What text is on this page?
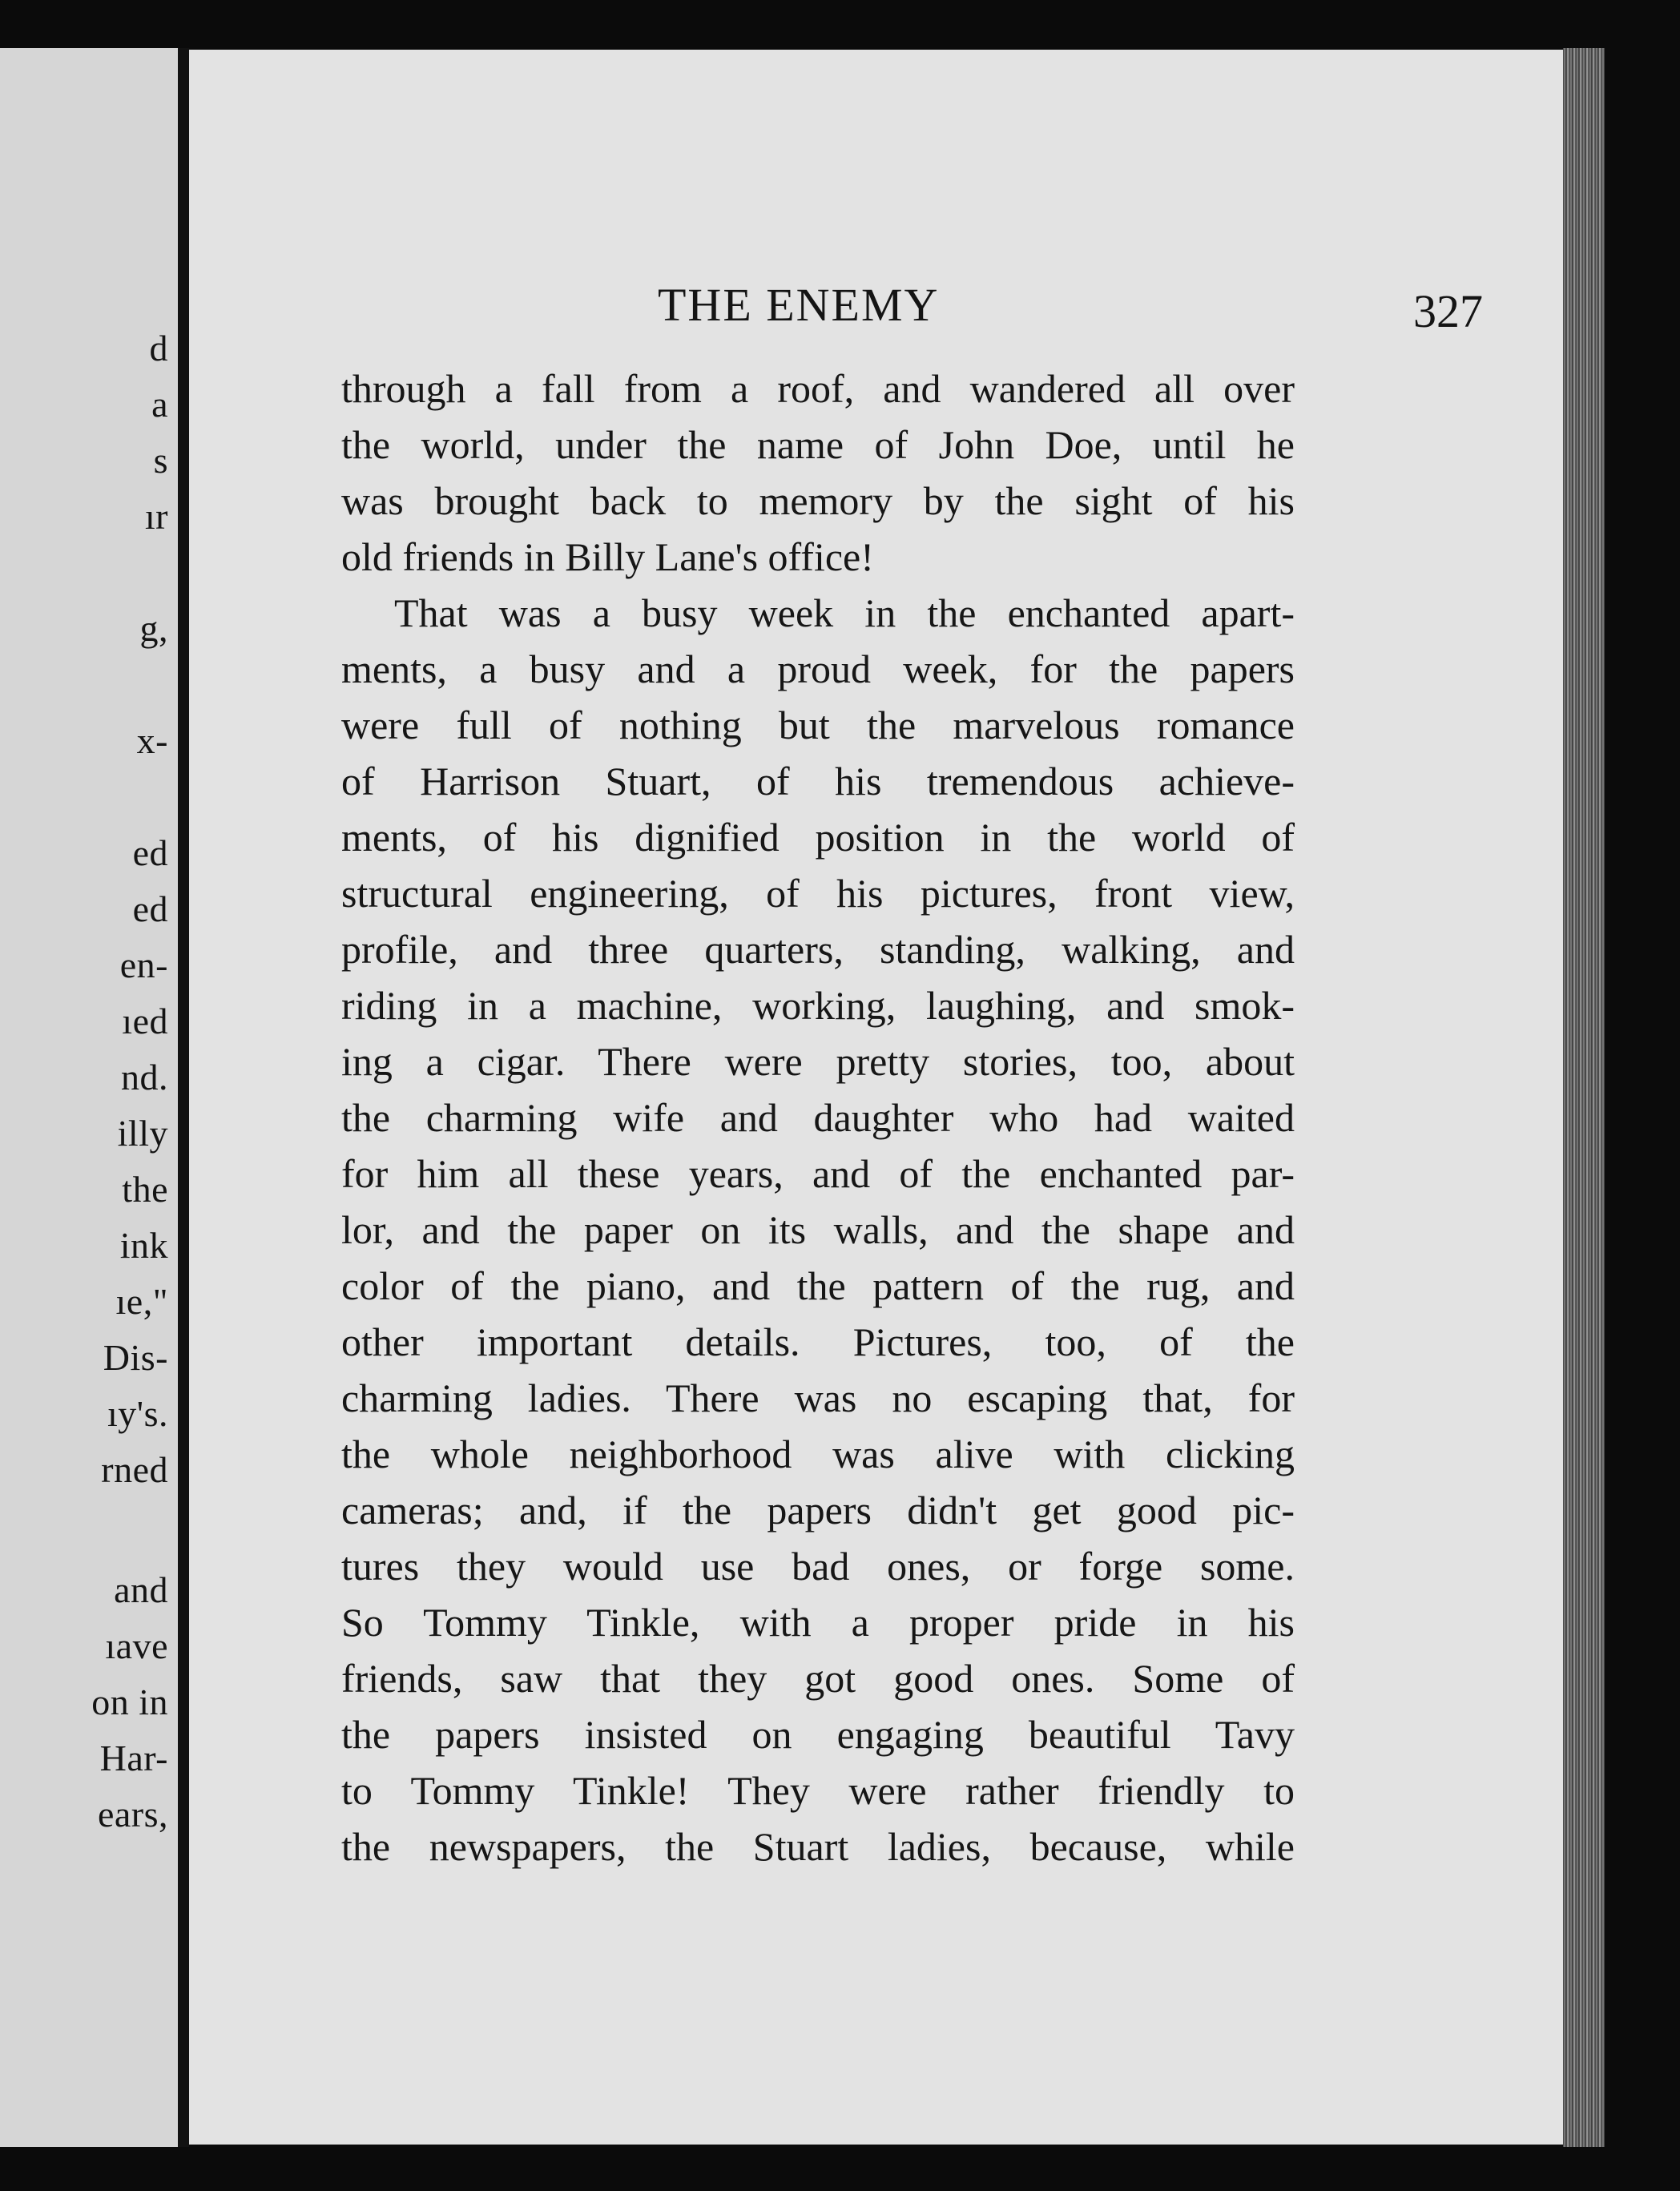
d
a
s
ır
g,
x-
ed
ed
en-
ıed
nd.
illy
the
ink
ıe,"
Dis-
ıy's.
rned
and
ıave
on in
Har-
ears,
THE ENEMY	327
through a fall from a roof, and wandered all over
the world, under the name of John Doe, until he
was brought back to memory by the sight of his
old friends in Billy Lane's office!
That was a busy week in the enchanted apart-
ments, a busy and a proud week, for the papers
were full of nothing but the marvelous romance
of Harrison Stuart, of his tremendous achieve-
ments, of his dignified position in the world of
structural engineering, of his pictures, front view,
profile, and three quarters, standing, walking, and
riding in a machine, working, laughing, and smok-
ing a cigar. There were pretty stories, too, about
the charming wife and daughter who had waited
for him all these years, and of the enchanted par-
lor, and the paper on its walls, and the shape and
color of the piano, and the pattern of the rug, and
other important details. Pictures, too, of the
charming ladies. There was no escaping that, for
the whole neighborhood was alive with clicking
cameras; and, if the papers didn't get good pic-
tures they would use bad ones, or forge some.
So Tommy Tinkle, with a proper pride in his
friends, saw that they got good ones. Some of
the papers insisted on engaging beautiful Tavy
to Tommy Tinkle! They were rather friendly to
the newspapers, the Stuart ladies, because, while
